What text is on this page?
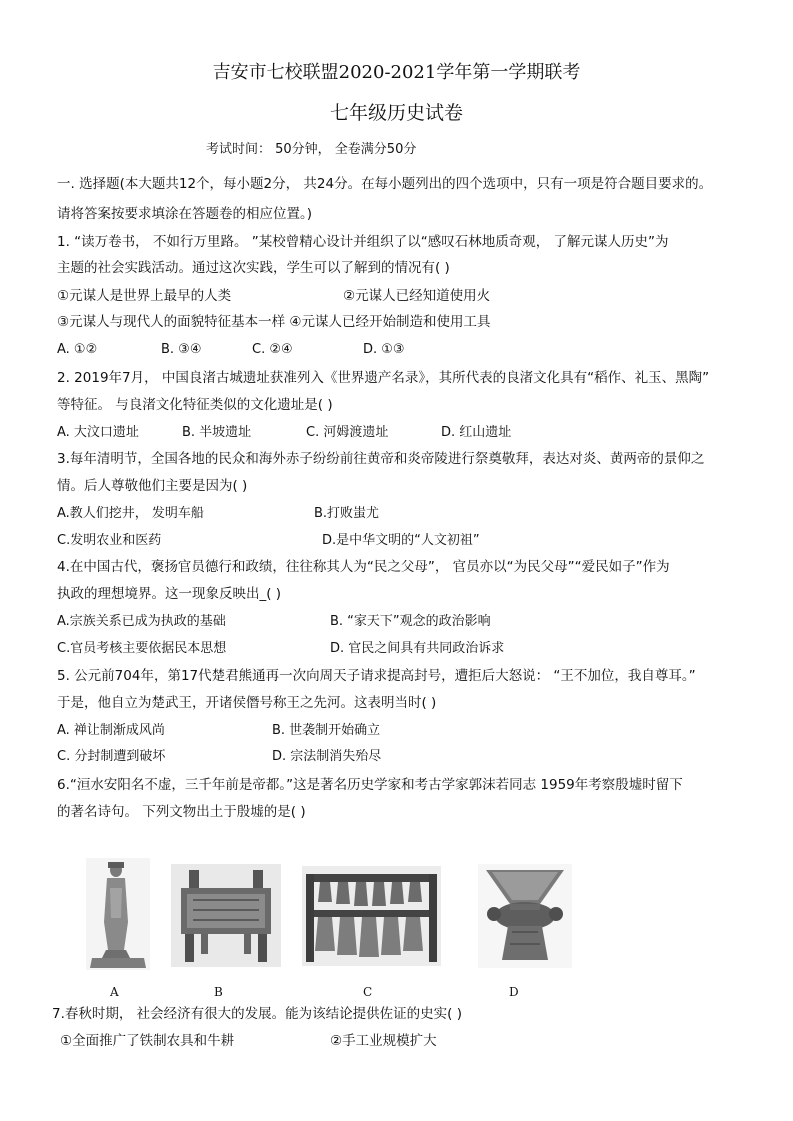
吉安市七校联盟2020-2021学年第一学期联考
七年级历史试卷
考试时间： 50分钟， 全卷满分50分
一. 选择题(本大题共12个，每小题2分， 共24分。在每小题列出的四个选项中，只有一项是符合题目要求的。
请将答案按要求填涂在答题卷的相应位置。)
1. “读万卷书， 不如行万里路。 ”某校曾精心设计并组织了以“感叹石林地质奇观， 了解元谋人历史”为
主题的社会实践活动。通过这次实践，学生可以了解到的情况有( )
①元谋人是世界上最早的人类	②元谋人已经知道使用火
③元谋人与现代人的面貌特征基本一样 ④元谋人已经开始制造和使用工具
A. ①②	B. ③④	C. ②④	D. ①③
2. 2019年7月， 中国良渚古城遗址获准列入《世界遗产名录》，其所代表的良渚文化具有“稻作、礼玉、黑陶”
等特征。 与良渚文化特征类似的文化遗址是( )
A. 大汶口遗址	B. 半坡遗址	C. 河姆渡遗址	D. 红山遗址
3.每年清明节，全国各地的民众和海外赤子纷纷前往黄帝和炎帝陵进行祭奠敬拜，表达对炎、黄两帝的景仰之
情。后人尊敬他们主要是因为( )
A.教人们挖井， 发明车船	B.打败蚩尤
C.发明农业和医药	D.是中华文明的“人文初祖”
4.在中国古代，褒扬官员德行和政绩，往往称其人为“民之父母”， 官员亦以“为民父母”“爱民如子”作为
执政的理想境界。这一现象反映出_( )
A.宗族关系已成为执政的基础	B. “家天下”观念的政治影响
C.官员考核主要依据民本思想	D. 官民之间具有共同政治诉求
5. 公元前704年，第17代楚君熊通再一次向周天子请求提高封号，遭拒后大怒说： “王不加位，我自尊耳。”
于是，他自立为楚武王，开诸侯僭号称王之先河。这表明当时( )
A. 禅让制渐成风尚	B. 世袭制开始确立
C. 分封制遭到破坏	D. 宗法制消失殆尽
6.“洹水安阳名不虚，三千年前是帝都。”这是著名历史学家和考古学家郭沫若同志 1959年考察殷墟时留下
的著名诗句。 下列文物出土于殷墟的是( )
A	B	C	D
7.春秋时期， 社会经济有很大的发展。能为该结论提供佐证的史实( )
①全面推广了铁制农具和牛耕	②手工业规模扩大
